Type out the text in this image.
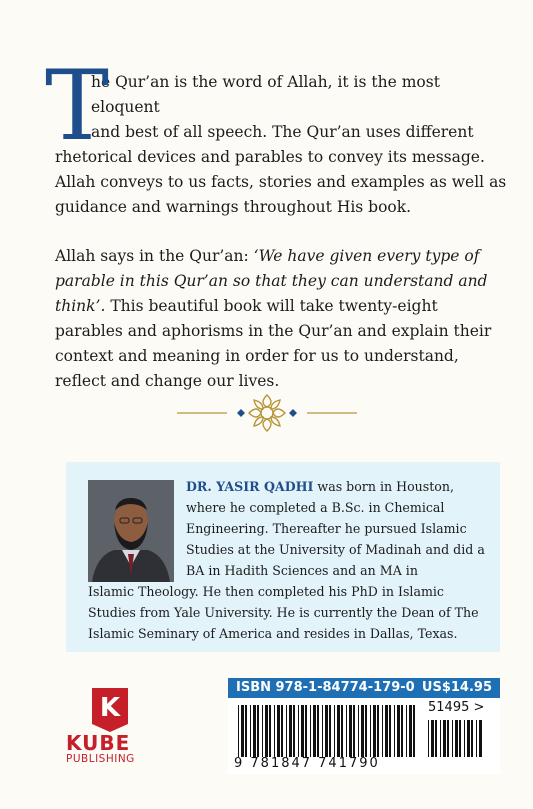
T

he Qur’an is the word of Allah, it is the most eloquent
and best of all speech. The Qur’an uses different
rhetorical devices and parables to convey its message. Allah conveys to us facts, stories and examples as well as guidance and warnings throughout His book.

Allah says in the Qur’an: ‘We have given every type of parable in this Qur’an so that they can understand and think’. This beautiful book will take twenty-eight parables and aphorisms in the Qur’an and explain their context and meaning in order for us to understand, reflect and change our lives.

DR. YASIR QADHI was born in Houston, where he completed a B.Sc. in Chemical Engineering. Thereafter he pursued Islamic Studies at the University of Madinah and did a BA in Hadith Sciences and an MA in
Islamic Theology. He then completed his PhD in Islamic Studies from Yale University. He is currently the Dean of The Islamic Seminary of America and resides in Dallas, Texas.
K
KUBE
PUBLISHING
ISBN 978-1-84774-179-0 US$14.95
51495 >
9 781847 741790
